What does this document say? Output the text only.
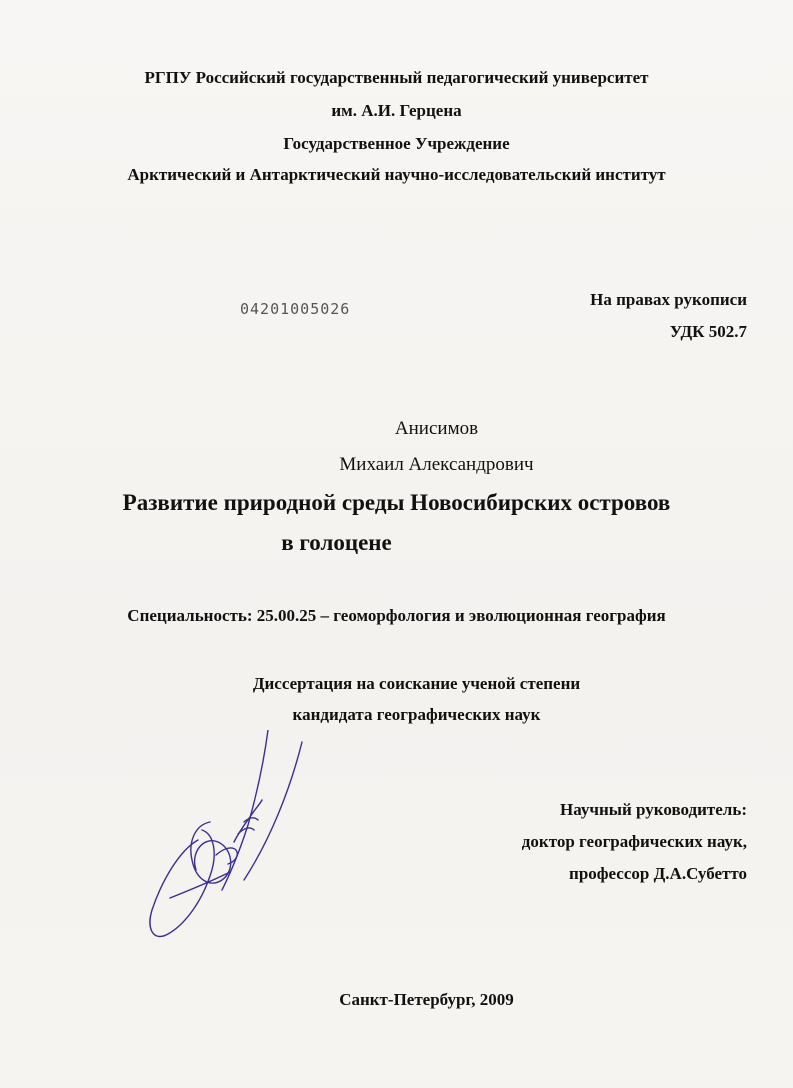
РГПУ Российский государственный педагогический университет
им. А.И. Герцена
Государственное Учреждение
Арктический и Антарктический научно-исследовательский институт
04201005026	На правах рукописи
УДК 502.7
Анисимов
Михаил Александрович
Развитие природной среды Новосибирских островов
в голоцене
Специальность: 25.00.25 – геоморфология и эволюционная география
Диссертация на соискание ученой степени
кандидата географических наук
Научный руководитель:
доктор географических наук,
профессор Д.А.Субетто
Санкт-Петербург, 2009
